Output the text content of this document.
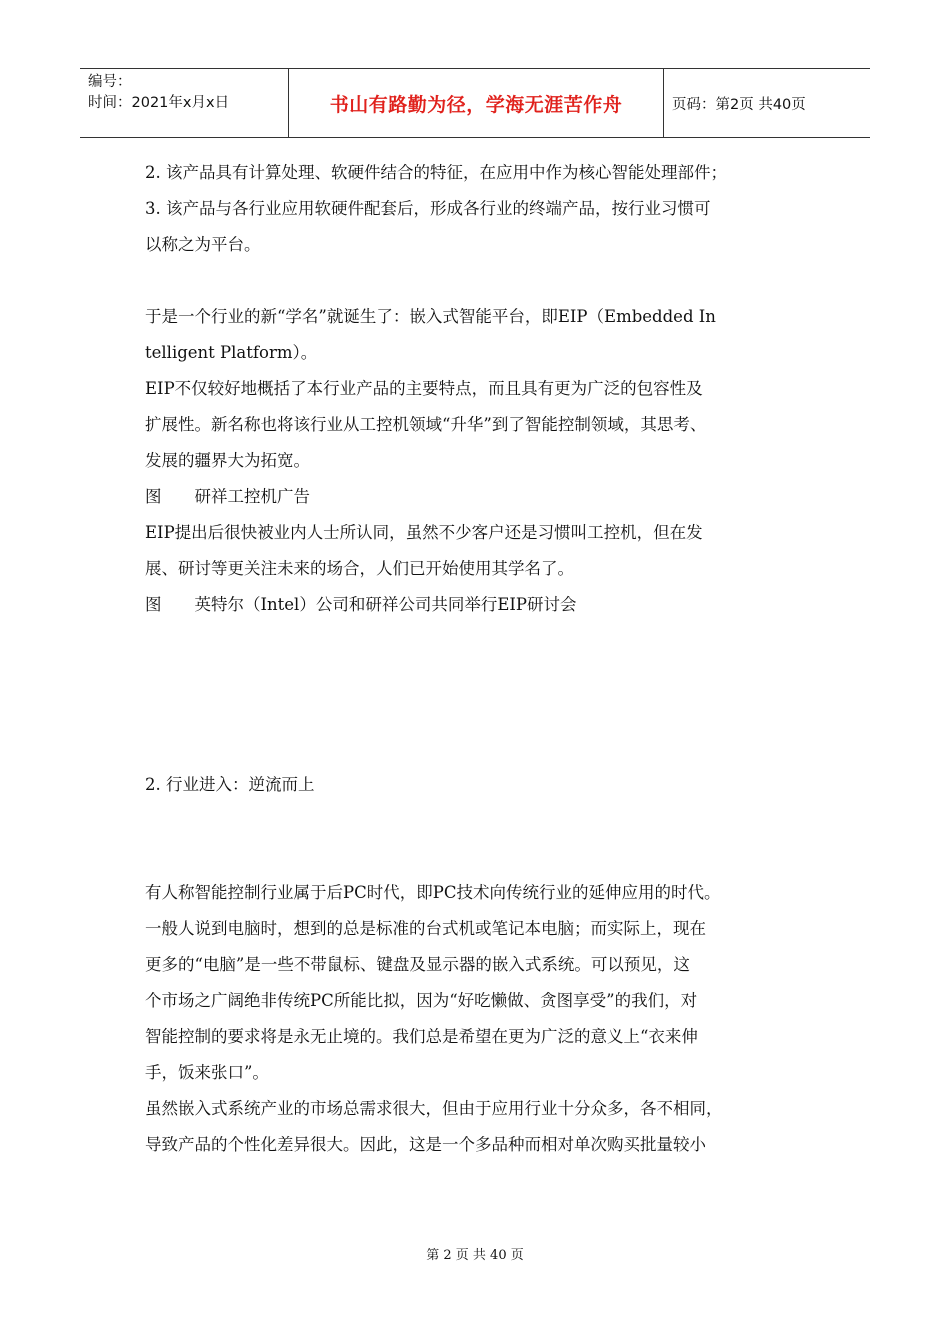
编号：
时间：2021年x月x日	书山有路勤为径，学海无涯苦作舟	页码：第2页 共40页
2. 该产品具有计算处理、软硬件结合的特征，在应用中作为核心智能处理部件；
3. 该产品与各行业应用软硬件配套后，形成各行业的终端产品，按行业习惯可
以称之为平台。
于是一个行业的新“学名”就诞生了：嵌入式智能平台，即EIP（Embedded In
telligent Platform）。
EIP不仅较好地概括了本行业产品的主要特点，而且具有更为广泛的包容性及
扩展性。新名称也将该行业从工控机领域“升华”到了智能控制领域，其思考、
发展的疆界大为拓宽。
图　　研祥工控机广告
EIP提出后很快被业内人士所认同，虽然不少客户还是习惯叫工控机，但在发
展、研讨等更关注未来的场合，人们已开始使用其学名了。
图　　英特尔（Intel）公司和研祥公司共同举行EIP研讨会
2. 行业进入：逆流而上
有人称智能控制行业属于后PC时代，即PC技术向传统行业的延伸应用的时代。
一般人说到电脑时，想到的总是标准的台式机或笔记本电脑；而实际上，现在
更多的“电脑”是一些不带鼠标、键盘及显示器的嵌入式系统。可以预见，这
个市场之广阔绝非传统PC所能比拟，因为“好吃懒做、贪图享受”的我们，对
智能控制的要求将是永无止境的。我们总是希望在更为广泛的意义上“衣来伸
手，饭来张口”。
虽然嵌入式系统产业的市场总需求很大，但由于应用行业十分众多，各不相同，
导致产品的个性化差异很大。因此，这是一个多品种而相对单次购买批量较小
第 2 页 共 40 页
